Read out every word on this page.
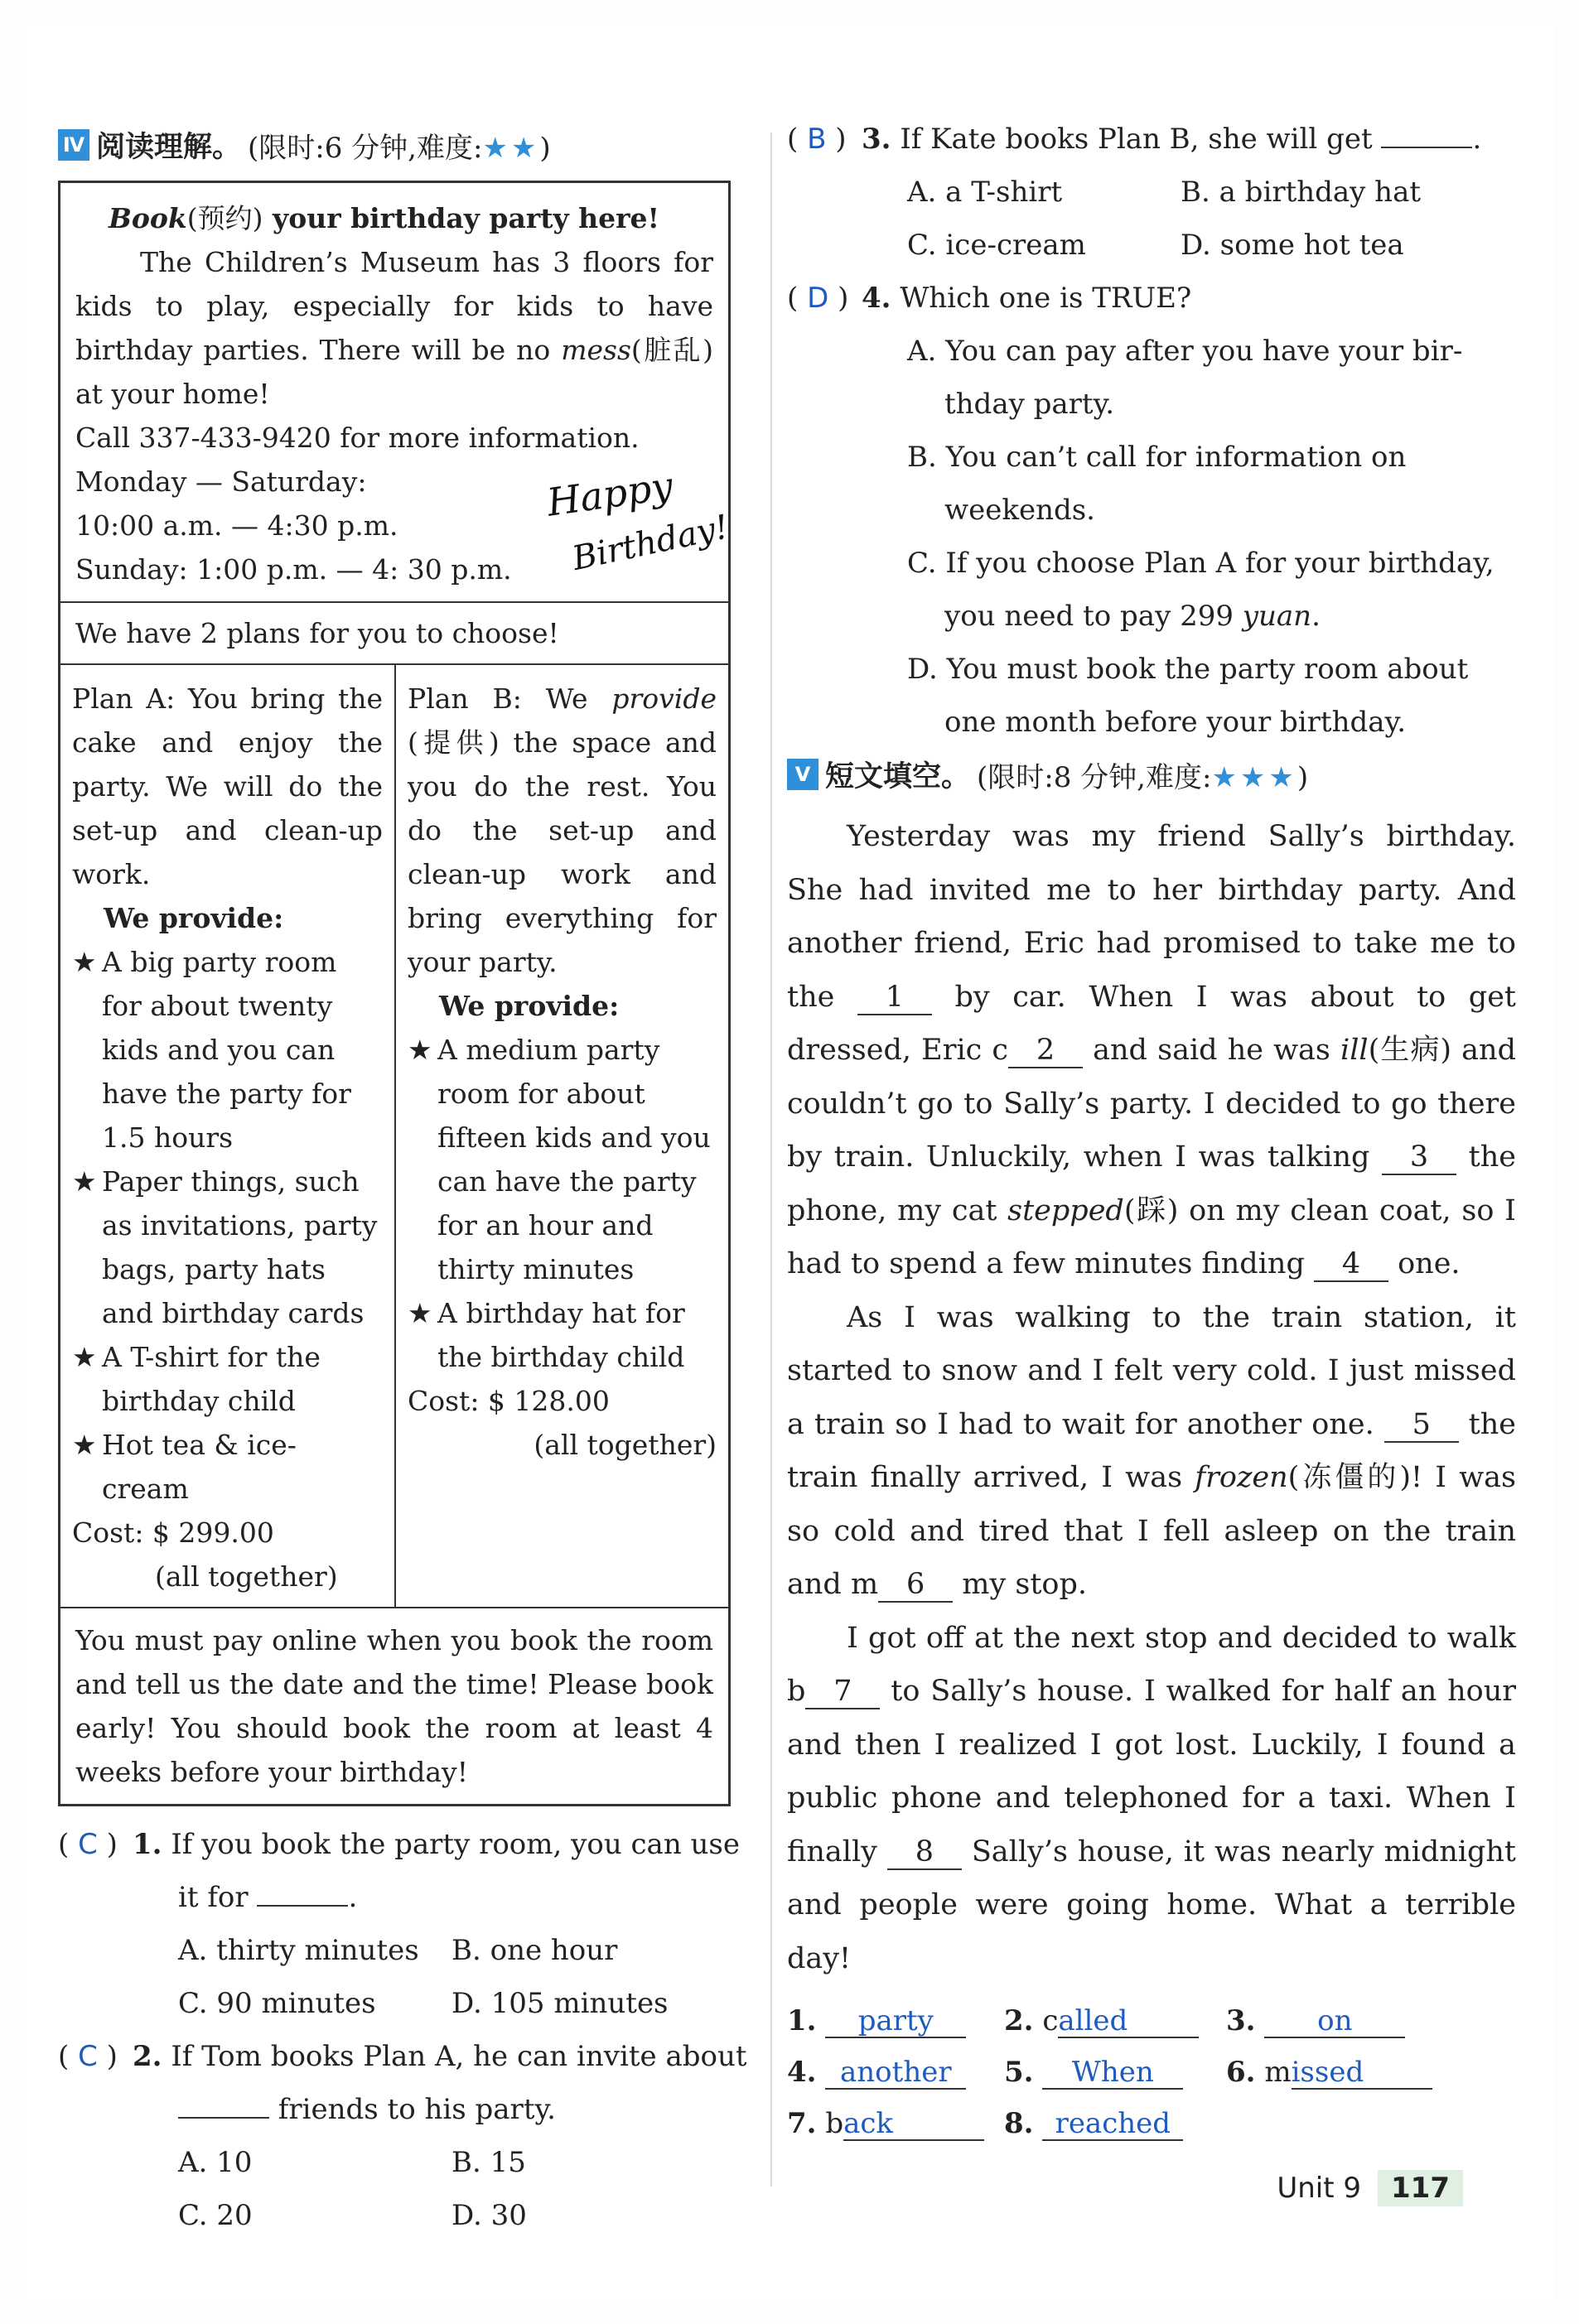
Ⅳ 阅读理解。 (限时:6 分钟,难度:★★)

Book(预约) your birthday party here!

The Children’s Museum has 3 floors for kids to play, especially for kids to have birthday parties. There will be no mess(脏乱) at your home!

Call 337-433-9420 for more information.

Monday — Saturday:

10:00 a.m. — 4:30 p.m.

Sunday: 1:00 p.m. — 4: 30 p.m.

Happy
Birthday!
We have 2 plans for you to choose!
Plan A: You bring the cake and enjoy the party. We will do the set-up and clean-up work.
We provide:
★ A big party room for about twenty kids and you can have the party for 1.5 hours
★ Paper things, such as invitations, party bags, party hats and birthday cards
★ A T-shirt for the birthday child
★ Hot tea & ice-cream
Cost: $ 299.00
(all together)
Plan B: We provide (提供) the space and you do the rest. You do the set-up and clean-up work and bring everything for your party.
We provide:
★ A medium party room for about fifteen kids and you can have the party for an hour and thirty minutes
★ A birthday hat for the birthday child
Cost: $ 128.00
(all together)
You must pay online when you book the room and tell us the date and the time! Please book early! You should book the room at least 4 weeks before your birthday!
( C ) 1. If you book the party room, you can use
it for	.
A. thirty minutes	B. one hour
C. 90 minutes	D. 105 minutes
( C ) 2. If Tom books Plan A, he can invite about
friends to his party.
A. 10	B. 15
C. 20	D. 30
( B ) 3. If Kate books Plan B, she will get	.
A. a T-shirt	B. a birthday hat
C. ice-cream	D. some hot tea
( D ) 4. Which one is TRUE?
A. You can pay after you have your bir-
thday party.
B. You can’t call for information on
weekends.
C. If you choose Plan A for your birthday,
you need to pay 299 yuan.
D. You must book the party room about
one month before your birthday.
Ⅴ 短文填空。 (限时:8 分钟,难度:★★★)

Yesterday was my friend Sally’s birthday. She had invited me to her birthday party. And another friend, Eric had promised to take me to the 1 by car. When I was about to get dressed, Eric c 2 and said he was ill(生病) and couldn’t go to Sally’s party. I decided to go there by train. Unluckily, when I was talking 3 the phone, my cat stepped(踩) on my clean coat, so I had to spend a few minutes finding 4 one.

As I was walking to the train station, it started to snow and I felt very cold. I just missed a train so I had to wait for another one. 5 the train finally arrived, I was frozen(冻僵的)! I was so cold and tired that I fell asleep on the train and m 6 my stop.

I got off at the next stop and decided to walk b 7 to Sally’s house. I walked for half an hour and then I realized I got lost. Luckily, I found a public phone and telephoned for a taxi. When I finally 8 Sally’s house, it was nearly midnight and people were going home. What a terrible day!

1. party	2. called	3. on
4. another	5. When	6. missed
7. back	8. reached
Unit 9	117
